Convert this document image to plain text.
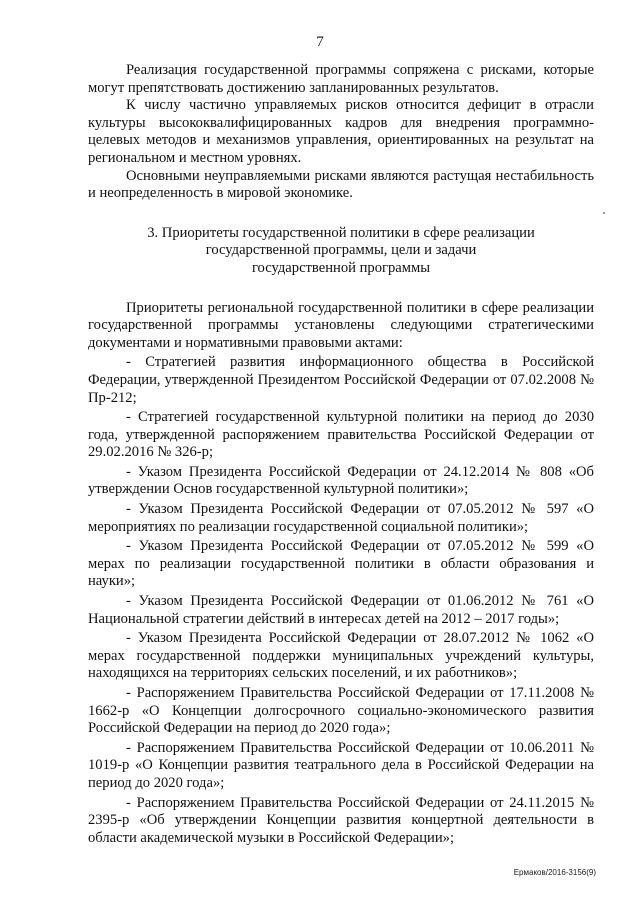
7

Реализация государственной программы сопряжена с рисками, которые могут препятствовать достижению запланированных результатов.

К числу частично управляемых рисков относится дефицит в отрасли культуры высококвалифицированных кадров для внедрения программно-целевых методов и механизмов управления, ориентированных на результат на региональном и местном уровнях.

Основными неуправляемыми рисками являются растущая нестабильность и неопределенность в мировой экономике.

3. Приоритеты государственной политики в сфере реализации
государственной программы, цели и задачи
государственной программы

Приоритеты региональной государственной политики в сфере реализации государственной программы установлены следующими стратегическими документами и нормативными правовыми актами:

- Стратегией развития информационного общества в Российской Федерации, утвержденной Президентом Российской Федерации от 07.02.2008 № Пр-212;

- Стратегией государственной культурной политики на период до 2030 года, утвержденной распоряжением правительства Российской Федерации от 29.02.2016 № 326-р;

- Указом Президента Российской Федерации от 24.12.2014 № 808 «Об утверждении Основ государственной культурной политики»;

- Указом Президента Российской Федерации от 07.05.2012 № 597 «О мероприятиях по реализации государственной социальной политики»;

- Указом Президента Российской Федерации от 07.05.2012 № 599 «О мерах по реализации государственной политики в области образования и науки»;

- Указом Президента Российской Федерации от 01.06.2012 № 761 «О Национальной стратегии действий в интересах детей на 2012 – 2017 годы»;

- Указом Президента Российской Федерации от 28.07.2012 № 1062 «О мерах государственной поддержки муниципальных учреждений культуры, находящихся на территориях сельских поселений, и их работников»;

- Распоряжением Правительства Российской Федерации от 17.11.2008 № 1662-р «О Концепции долгосрочного социально-экономического развития Российской Федерации на период до 2020 года»;

- Распоряжением Правительства Российской Федерации от 10.06.2011 № 1019-р «О Концепции развития театрального дела в Российской Федерации на период до 2020 года»;

- Распоряжением Правительства Российской Федерации от 24.11.2015 № 2395-р «Об утверждении Концепции развития концертной деятельности в области академической музыки в Российской Федерации»;

Ермаков/2016-3156(9)
